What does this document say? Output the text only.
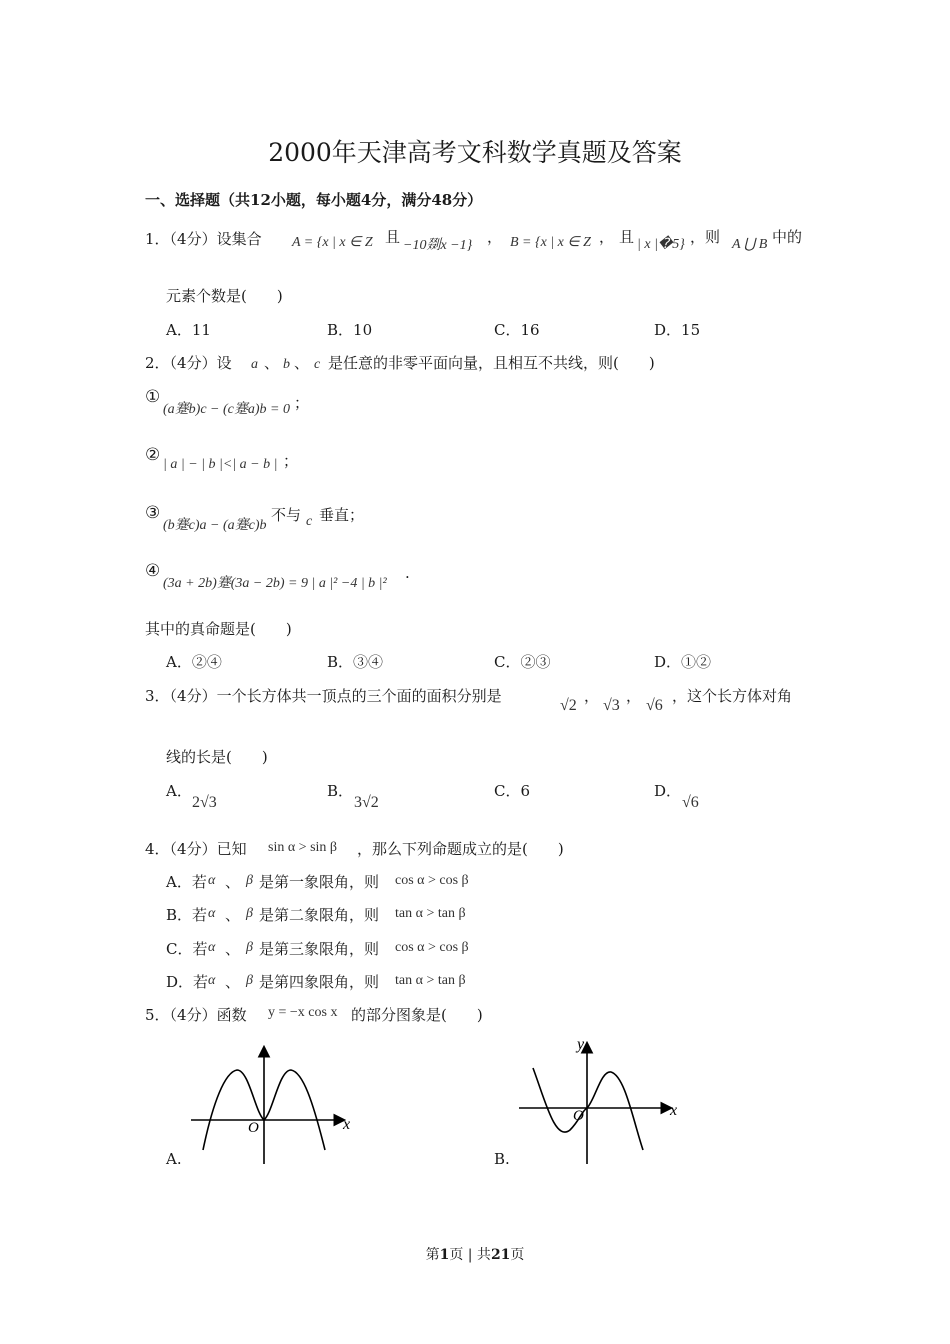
2000年天津高考文科数学真题及答案
一、选择题（共12小题，每小题4分，满分48分）
1．（4分）设集合 A = {x | x ∈ Z 且 −10剟x −1} ， B = {x | x ∈ Z ， 且 | x |�5} ，则 A ⋃ B 中的
元素个数是(　　)
A．11	B．10	C．16	D．15
2．（4分）设 a 、 b 、 c 是任意的非零平面向量，且相互不共线，则(　　)
①
(a蹇b)c − (c蹇a)b = 0 ；
② | a | − | b |<| a − b | ；
③
(b蹇c)a − (a蹇c)b
不与 c 垂直；
④
(3a + 2b)蹇(3a − 2b) = 9 | a |² −4 | b |²
.
其中的真命题是(　　)
A．②④	B．③④	C．②③	D．①②
3．（4分）一个长方体共一顶点的三个面的面积分别是
√2
，
√3
，
√6
，这个长方体对角
线的长是(　　)
A．
2√3
B．
3√2
C．6	D．
√6
4．（4分）已知 sin α > sin β ，那么下列命题成立的是(　　)
A．若 α 、 β 是第一象限角，则 cos α > cos β
B．若 α 、 β 是第二象限角，则 tan α > tan β
C．若 α 、 β 是第三象限角，则 cos α > cos β
D．若 α 、 β 是第四象限角，则 tan α > tan β
5．（4分）函数 y = −x cos x 的部分图象是(　　)
O	x
A.
y
O	x
B.
第1页 | 共21页
